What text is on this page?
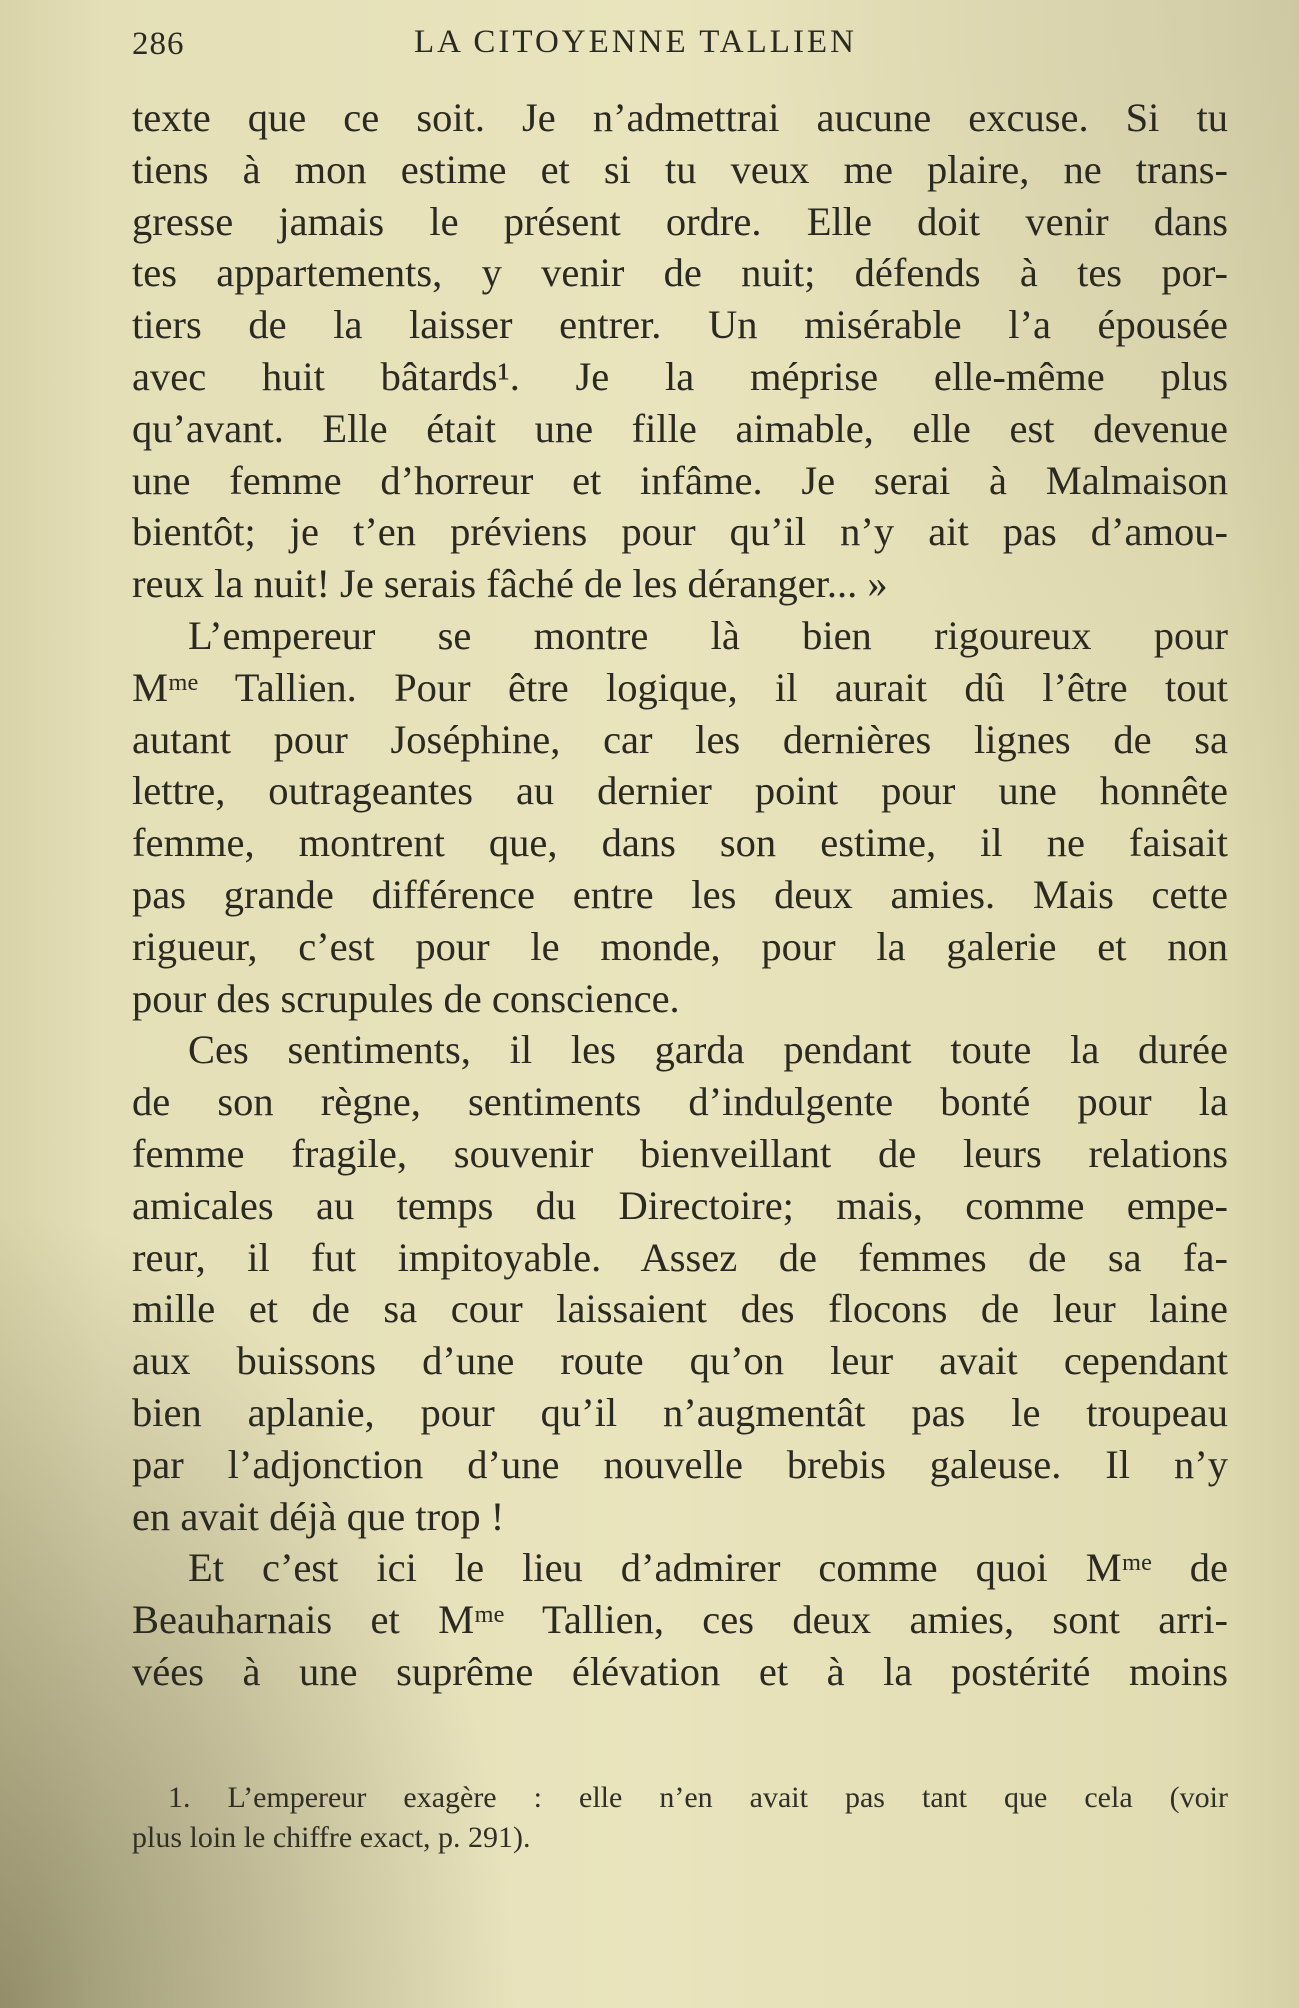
286	LA CITOYENNE TALLIEN
texte que ce soit. Je n’admettrai aucune excuse. Si tu
tiens à mon estime et si tu veux me plaire, ne trans-
gresse jamais le présent ordre. Elle doit venir dans
tes appartements, y venir de nuit; défends à tes por-
tiers de la laisser entrer. Un misérable l’a épousée
avec huit bâtards¹. Je la méprise elle-même plus
qu’avant. Elle était une fille aimable, elle est devenue
une femme d’horreur et infâme. Je serai à Malmaison
bientôt; je t’en préviens pour qu’il n’y ait pas d’amou-
reux la nuit! Je serais fâché de les déranger... »
L’empereur se montre là bien rigoureux pour
Mᵐᵉ Tallien. Pour être logique, il aurait dû l’être tout
autant pour Joséphine, car les dernières lignes de sa
lettre, outrageantes au dernier point pour une honnête
femme, montrent que, dans son estime, il ne faisait
pas grande différence entre les deux amies. Mais cette
rigueur, c’est pour le monde, pour la galerie et non
pour des scrupules de conscience.
Ces sentiments, il les garda pendant toute la durée
de son règne, sentiments d’indulgente bonté pour la
femme fragile, souvenir bienveillant de leurs relations
amicales au temps du Directoire; mais, comme empe-
reur, il fut impitoyable. Assez de femmes de sa fa-
mille et de sa cour laissaient des flocons de leur laine
aux buissons d’une route qu’on leur avait cependant
bien aplanie, pour qu’il n’augmentât pas le troupeau
par l’adjonction d’une nouvelle brebis galeuse. Il n’y
en avait déjà que trop !
Et c’est ici le lieu d’admirer comme quoi Mᵐᵉ de
Beauharnais et Mᵐᵉ Tallien, ces deux amies, sont arri-
vées à une suprême élévation et à la postérité moins
1. L’empereur exagère : elle n’en avait pas tant que cela (voir
plus loin le chiffre exact, p. 291).
